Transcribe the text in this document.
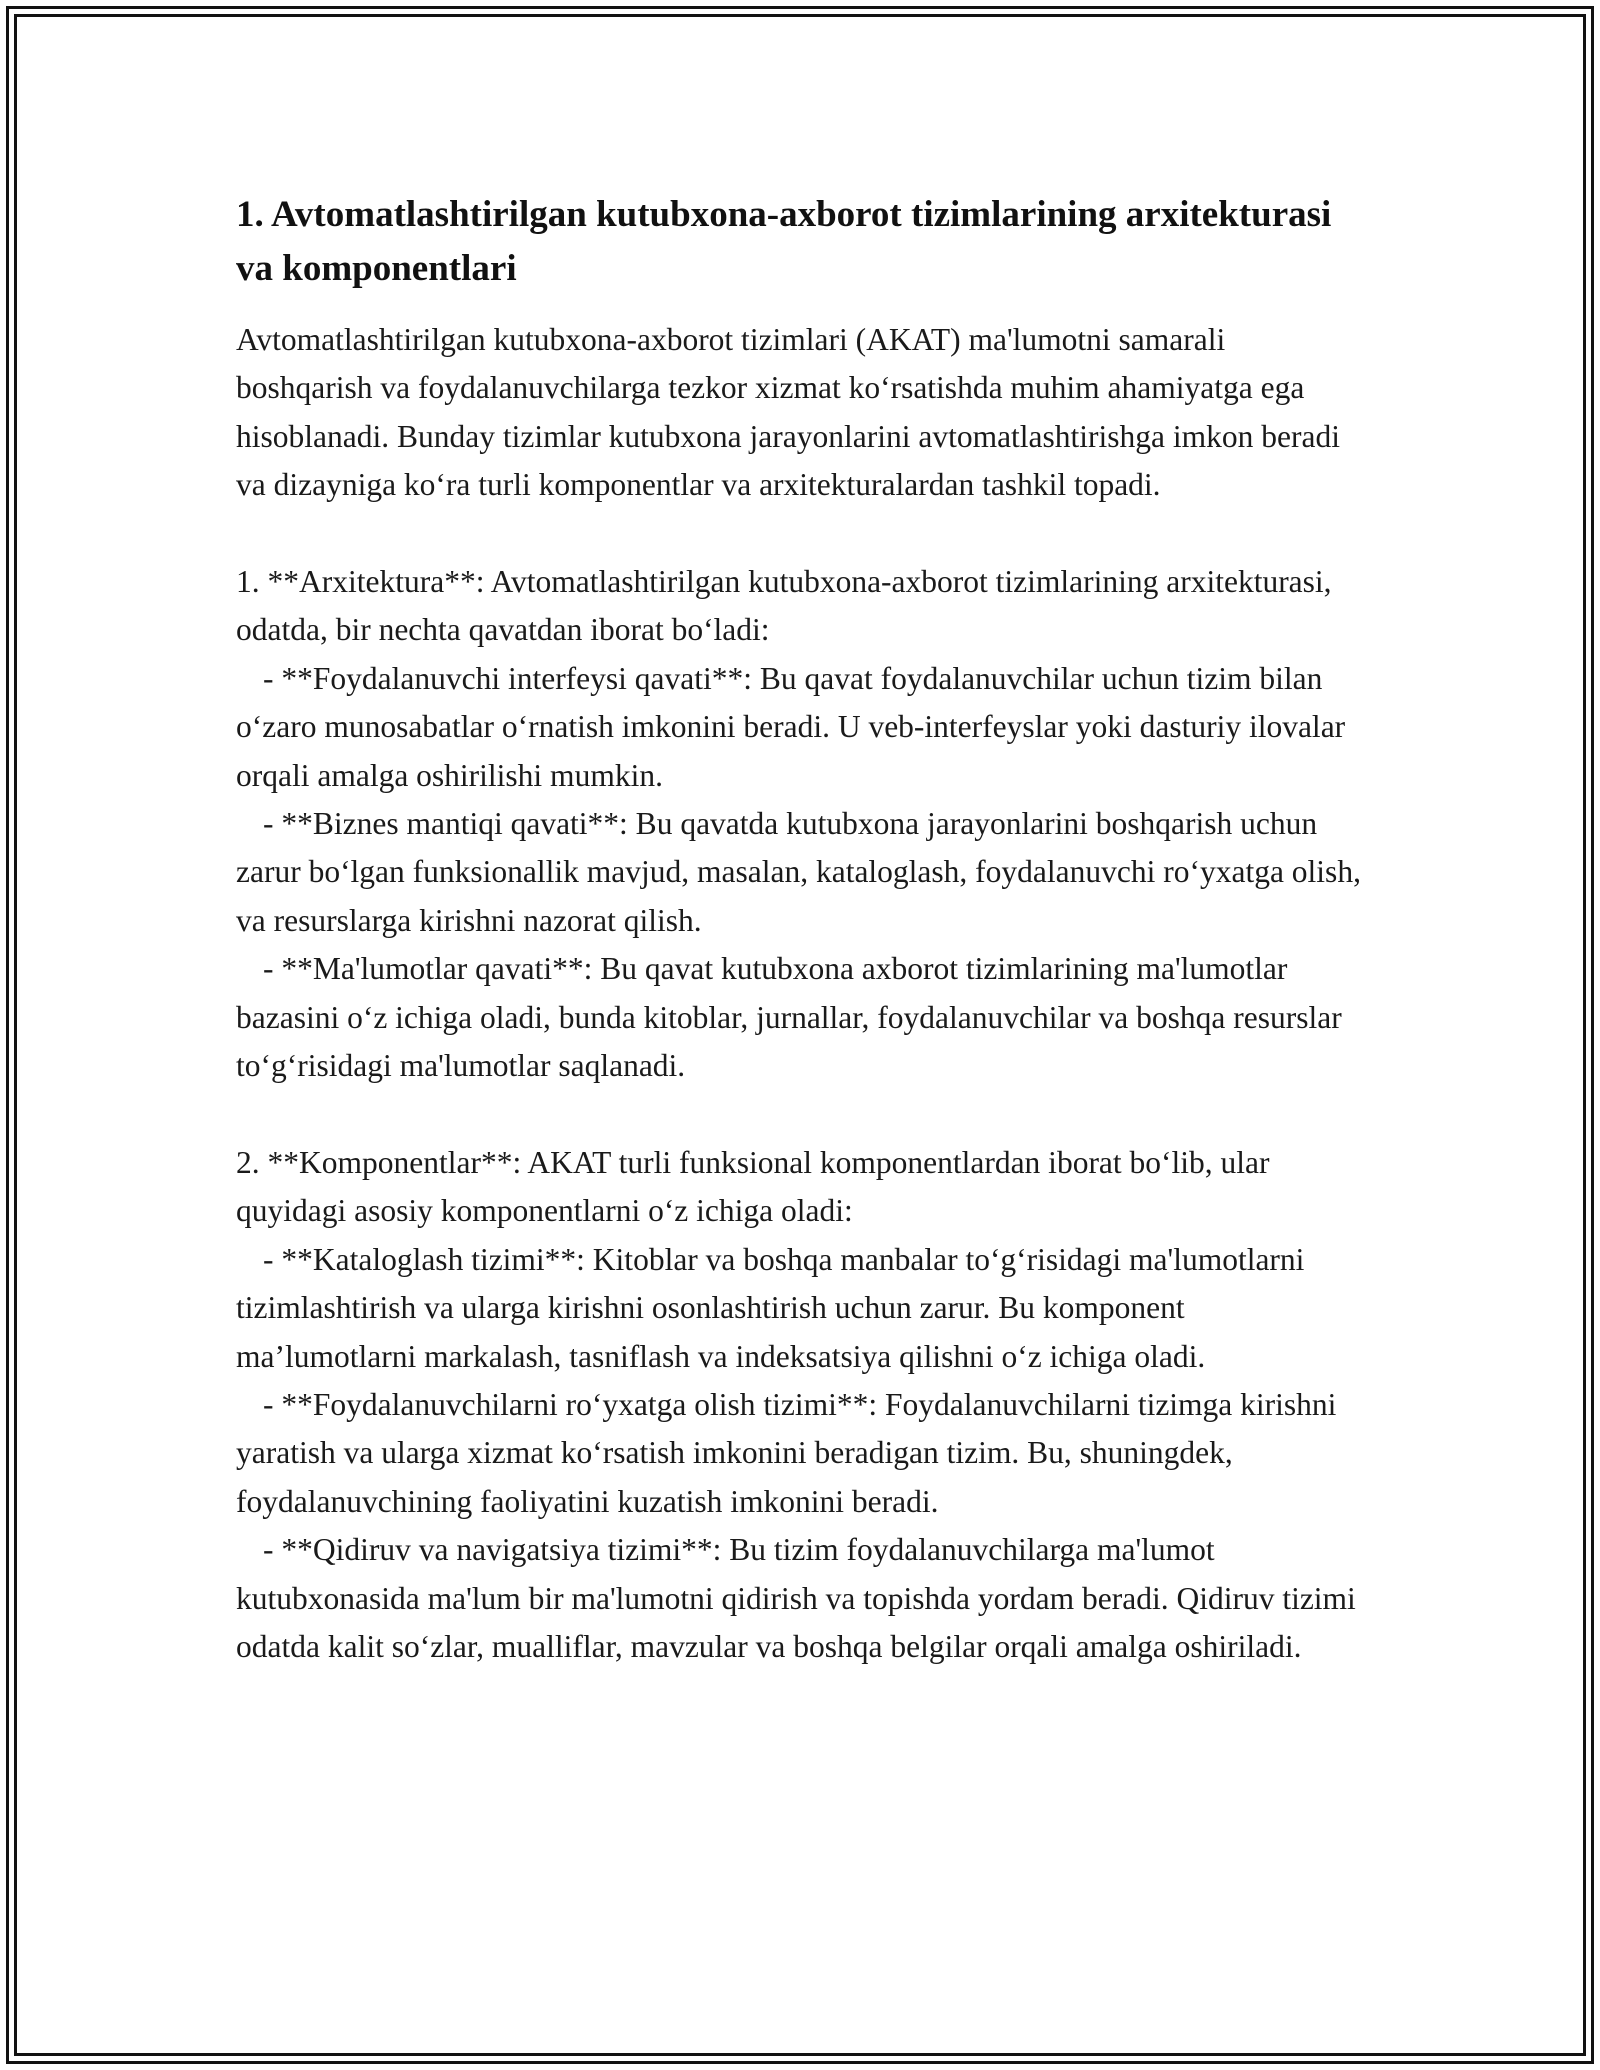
1. Avtomatlashtirilgan kutubxona-axborot tizimlarining arxitekturasi va komponentlari

Avtomatlashtirilgan kutubxona-axborot tizimlari (AKAT) ma'lumotni samarali boshqarish va foydalanuvchilarga tezkor xizmat koʻrsatishda muhim ahamiyatga ega hisoblanadi. Bunday tizimlar kutubxona jarayonlarini avtomatlashtirishga imkon beradi va dizayniga koʻra turli komponentlar va arxitekturalardan tashkil topadi.

1. **Arxitektura**: Avtomatlashtirilgan kutubxona-axborot tizimlarining arxitekturasi, odatda, bir nechta qavatdan iborat boʻladi:

- **Foydalanuvchi interfeysi qavati**: Bu qavat foydalanuvchilar uchun tizim bilan oʻzaro munosabatlar oʻrnatish imkonini beradi. U veb-interfeyslar yoki dasturiy ilovalar orqali amalga oshirilishi mumkin.

- **Biznes mantiqi qavati**: Bu qavatda kutubxona jarayonlarini boshqarish uchun zarur boʻlgan funksionallik mavjud, masalan, kataloglash, foydalanuvchi roʻyxatga olish, va resurslarga kirishni nazorat qilish.

- **Ma'lumotlar qavati**: Bu qavat kutubxona axborot tizimlarining ma'lumotlar bazasini oʻz ichiga oladi, bunda kitoblar, jurnallar, foydalanuvchilar va boshqa resurslar toʻgʻrisidagi ma'lumotlar saqlanadi.

2. **Komponentlar**: AKAT turli funksional komponentlardan iborat boʻlib, ular quyidagi asosiy komponentlarni oʻz ichiga oladi:

- **Kataloglash tizimi**: Kitoblar va boshqa manbalar toʻgʻrisidagi ma'lumotlarni tizimlashtirish va ularga kirishni osonlashtirish uchun zarur. Bu komponent ma’lumotlarni markalash, tasniflash va indeksatsiya qilishni oʻz ichiga oladi.

- **Foydalanuvchilarni roʻyxatga olish tizimi**: Foydalanuvchilarni tizimga kirishni yaratish va ularga xizmat koʻrsatish imkonini beradigan tizim. Bu, shuningdek, foydalanuvchining faoliyatini kuzatish imkonini beradi.

- **Qidiruv va navigatsiya tizimi**: Bu tizim foydalanuvchilarga ma'lumot kutubxonasida ma'lum bir ma'lumotni qidirish va topishda yordam beradi. Qidiruv tizimi odatda kalit soʻzlar, mualliflar, mavzular va boshqa belgilar orqali amalga oshiriladi.
